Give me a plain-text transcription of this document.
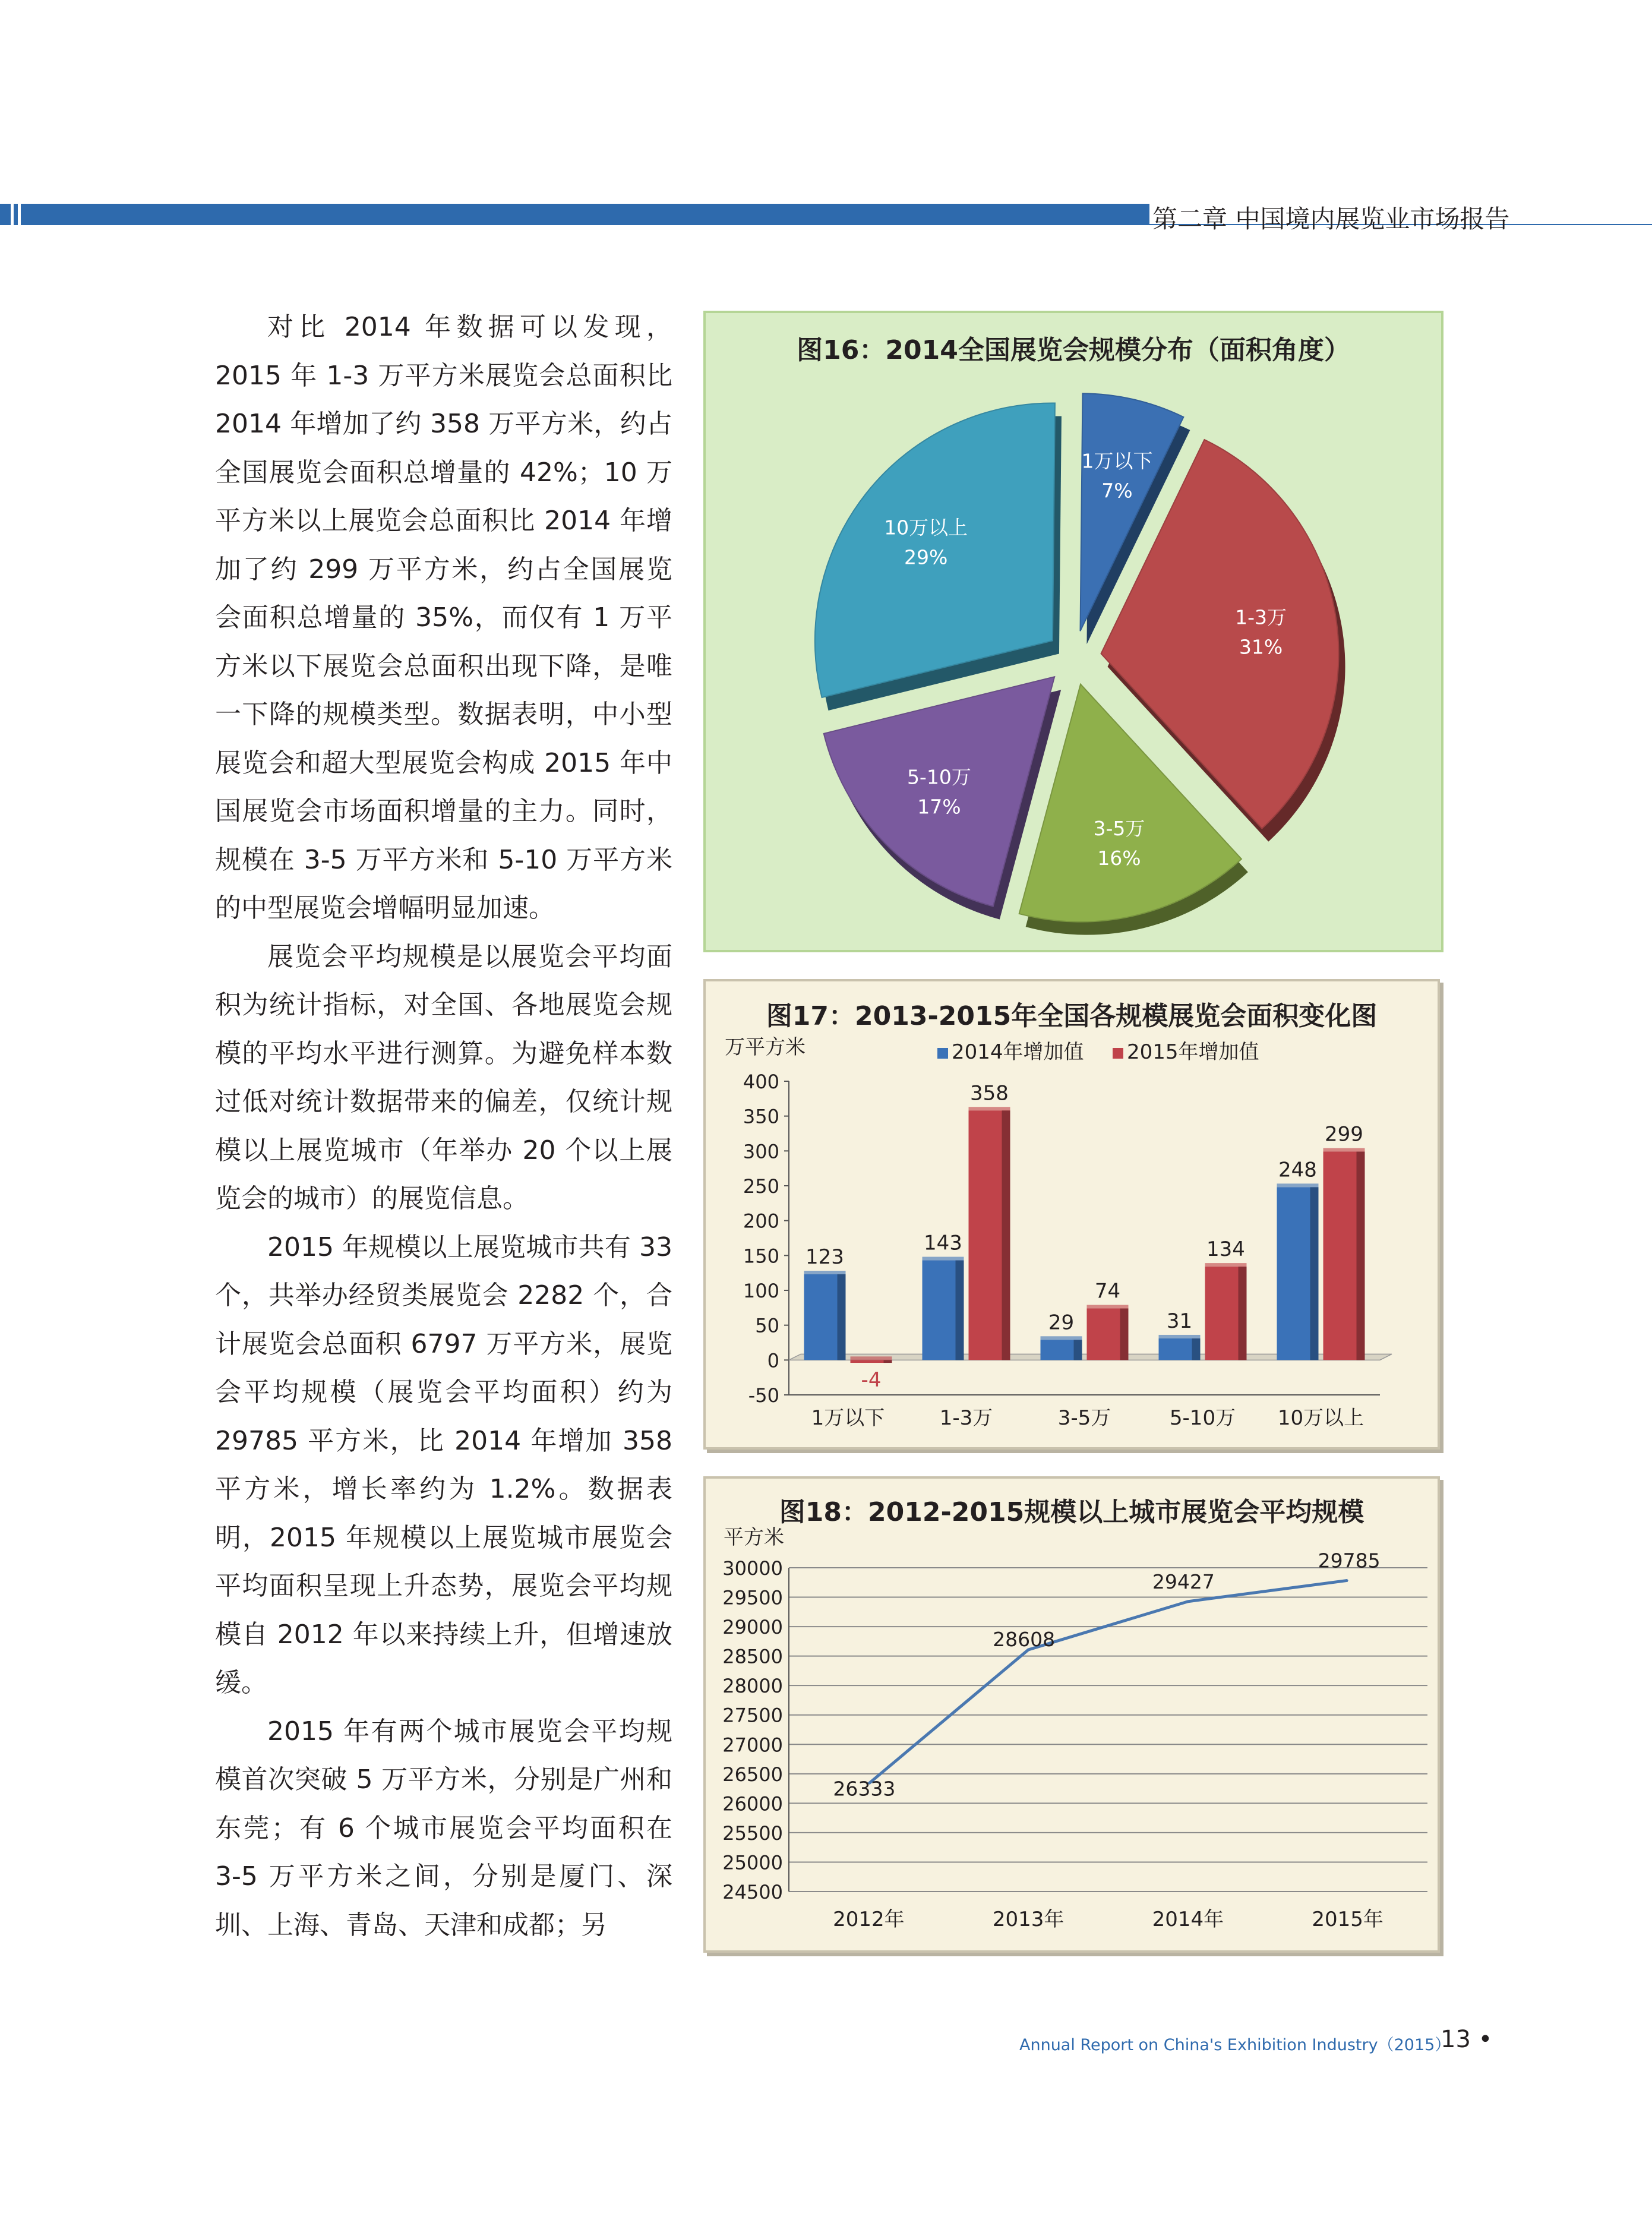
第二章 中国境内展览业市场报告

对比 2014 年数据可以发现，2015 年 1-3 万平方米展览会总面积比 2014 年增加了约 358 万平方米，约占全国展览会面积总增量的 42%；10 万平方米以上展览会总面积比 2014 年增加了约 299 万平方米，约占全国展览会面积总增量的 35%，而仅有 1 万平方米以下展览会总面积出现下降，是唯一下降的规模类型。数据表明，中小型展览会和超大型展览会构成 2015 年中国展览会市场面积增量的主力。同时，规模在 3-5 万平方米和 5-10 万平方米的中型展览会增幅明显加速。

展览会平均规模是以展览会平均面积为统计指标，对全国、各地展览会规模的平均水平进行测算。为避免样本数过低对统计数据带来的偏差，仅统计规模以上展览城市（年举办 20 个以上展览会的城市）的展览信息。

2015 年规模以上展览城市共有 33 个，共举办经贸类展览会 2282 个，合计展览会总面积 6797 万平方米，展览会平均规模（展览会平均面积）约为 29785 平方米，比 2014 年增加 358 平方米，增长率约为 1.2%。数据表明，2015 年规模以上展览城市展览会平均面积呈现上升态势，展览会平均规模自 2012 年以来持续上升，但增速放缓。

2015 年有两个城市展览会平均规模首次突破 5 万平方米，分别是广州和东莞；有 6 个城市展览会平均面积在 3-5 万平方米之间，分别是厦门、深圳、上海、青岛、天津和成都；另

图16：2014全国展览会规模分布（面积角度）
1万以下
7%
1-3万
31%
3-5万
16%
5-10万
17%
10万以上
29%
图17：2013-2015年全国各规模展览会面积变化图
万平方米	2014年增加值 2015年增加值
-50
0
50
100
150
200
250
300
350
400
123
-4
1万以下
143
358
1-3万
29
74
3-5万
31
134
5-10万
248
299
10万以上
图18：2012-2015规模以上城市展览会平均规模
平方米
24500
25000
25500
26000
26500
27000
27500
28000
28500
29000
29500
30000
26333
2012年
28608
2013年
29427
2014年
29785
2015年
Annual Report on China's Exhibition Industry（2015）
13 •
